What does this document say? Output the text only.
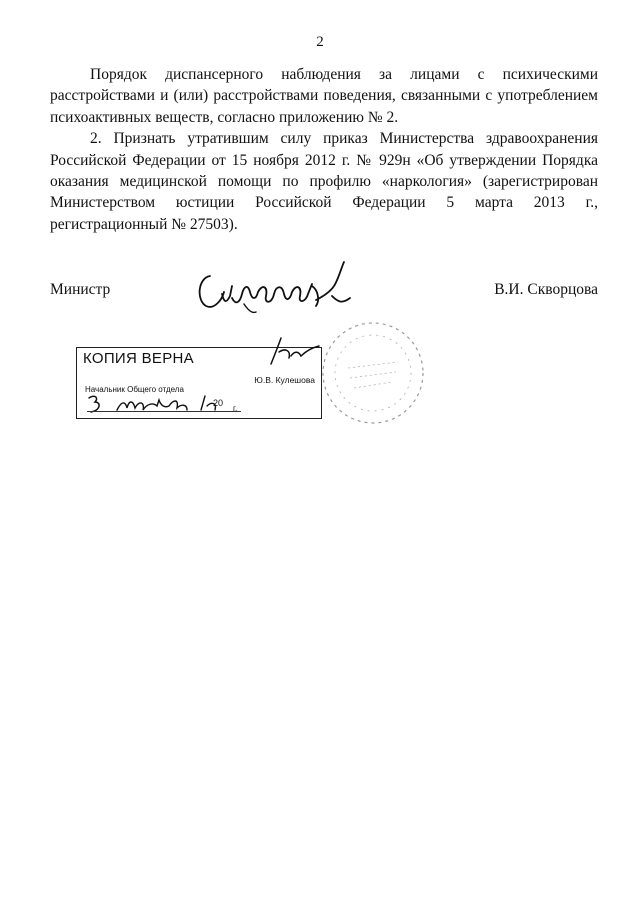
2

Порядок диспансерного наблюдения за лицами с психическими расстройствами и (или) расстройствами поведения, связанными с употреблением психоактивных веществ, согласно приложению № 2.

2. Признать утратившим силу приказ Министерства здравоохранения Российской Федерации от 15 ноября 2012 г. № 929н «Об утверждении Порядка оказания медицинской помощи по профилю «наркология» (зарегистрирован Министерством юстиции Российской Федерации 5 марта 2013 г., регистрационный № 27503).

Министр	В.И. Скворцова
КОПИЯ ВЕРНА
Начальник Общего отдела
Ю.В. Кулешова
20
г.
